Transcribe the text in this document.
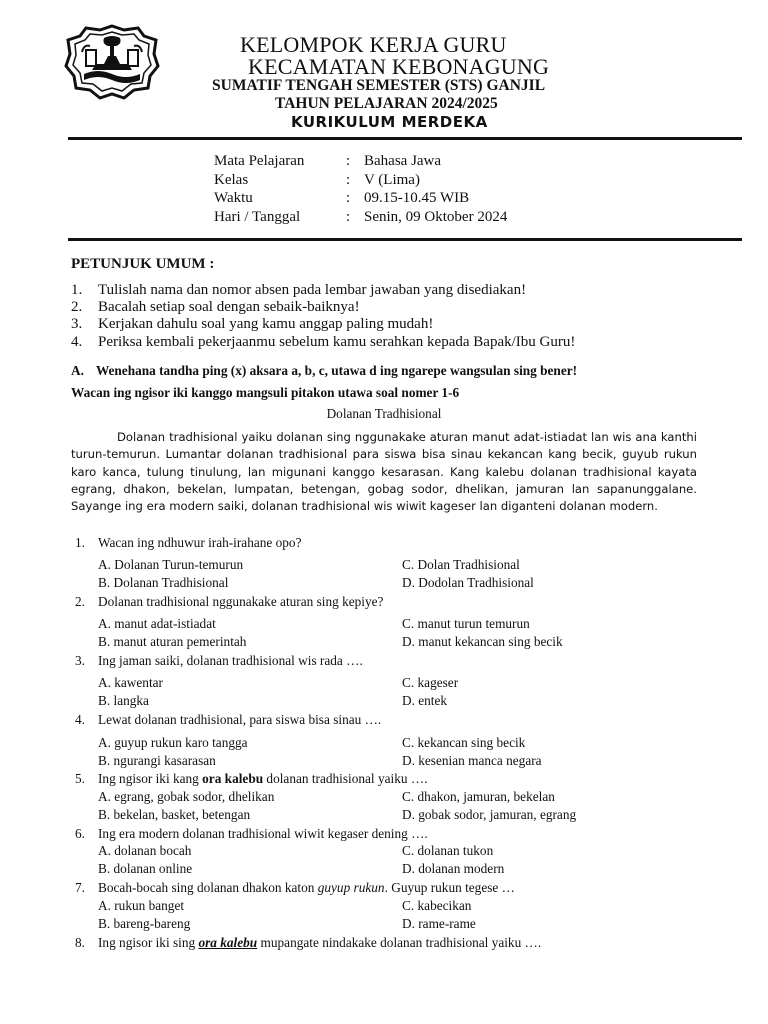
KELOMPOK KERJA GURU
KECAMATAN KEBONAGUNG
SUMATIF TENGAH SEMESTER (STS) GANJIL
TAHUN PELAJARAN 2024/2025
KURIKULUM MERDEKA
Mata Pelajaran	: Bahasa Jawa
Kelas	: V (Lima)
Waktu	: 09.15-10.45 WIB
Hari / Tanggal	: Senin, 09 Oktober 2024
PETUNJUK UMUM :
1. Tulislah nama dan nomor absen pada lembar jawaban yang disediakan!
2. Bacalah setiap soal dengan sebaik-baiknya!
3. Kerjakan dahulu soal yang kamu anggap paling mudah!
4. Periksa kembali pekerjaanmu sebelum kamu serahkan kepada Bapak/Ibu Guru!
A. Wenehana tandha ping (x) aksara a, b, c, utawa d ing ngarepe wangsulan sing bener!
Wacan ing ngisor iki kanggo mangsuli pitakon utawa soal nomer 1-6
Dolanan Tradhisional

Dolanan tradhisional yaiku dolanan sing nggunakake aturan manut adat-istiadat lan wis ana kanthi turun-temurun. Lumantar dolanan tradhisional para siswa bisa sinau kekancan kang becik, guyub rukun karo kanca, tulung tinulung, lan migunani kanggo kesarasan. Kang kalebu dolanan tradhisional kayata egrang, dhakon, bekelan, lumpatan, betengan, gobag sodor, dhelikan, jamuran lan sapanunggalane. Sayange ing era modern saiki, dolanan tradhisional wis wiwit kageser lan diganteni dolanan modern.

1. Wacan ing ndhuwur irah-irahane opo?
A. Dolanan Turun-temurun	C. Dolan Tradhisional
B. Dolanan Tradhisional	D. Dodolan Tradhisional
2. Dolanan tradhisional nggunakake aturan sing kepiye?
A. manut adat-istiadat	C. manut turun temurun
B. manut aturan pemerintah	D. manut kekancan sing becik
3. Ing jaman saiki, dolanan tradhisional wis rada ….
A. kawentar	C. kageser
B. langka	D. entek
4. Lewat dolanan tradhisional, para siswa bisa sinau ….
A. guyup rukun karo tangga	C. kekancan sing becik
B. ngurangi kasarasan	D. kesenian manca negara
5. Ing ngisor iki kang ora kalebu dolanan tradhisional yaiku ….
A. egrang, gobak sodor, dhelikan	C. dhakon, jamuran, bekelan
B. bekelan, basket, betengan	D. gobak sodor, jamuran, egrang
6. Ing era modern dolanan tradhisional wiwit kegaser dening ….
A. dolanan bocah	C. dolanan tukon
B. dolanan online	D. dolanan modern
7. Bocah-bocah sing dolanan dhakon katon guyup rukun. Guyup rukun tegese …
A. rukun banget	C. kabecikan
B. bareng-bareng	D. rame-rame
8. Ing ngisor iki sing ora kalebu mupangate nindakake dolanan tradhisional yaiku ….
